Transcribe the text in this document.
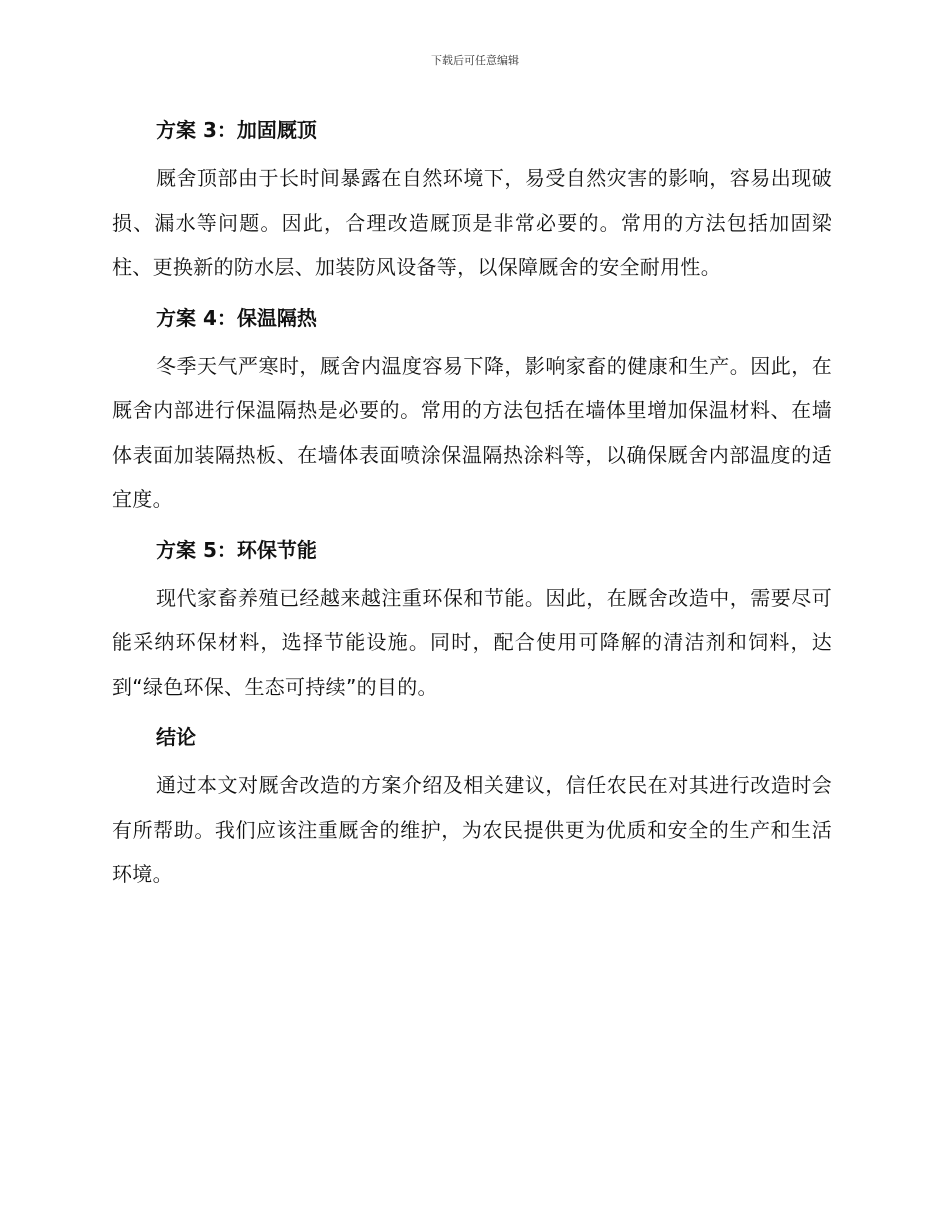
下载后可任意编辑
方案 3：加固厩顶

厩舍顶部由于长时间暴露在自然环境下，易受自然灾害的影响，容易出现破损、漏水等问题。因此，合理改造厩顶是非常必要的。常用的方法包括加固梁柱、更换新的防水层、加装防风设备等，以保障厩舍的安全耐用性。

方案 4：保温隔热

冬季天气严寒时，厩舍内温度容易下降，影响家畜的健康和生产。因此，在厩舍内部进行保温隔热是必要的。常用的方法包括在墙体里增加保温材料、在墙体表面加装隔热板、在墙体表面喷涂保温隔热涂料等，以确保厩舍内部温度的适宜度。

方案 5：环保节能

现代家畜养殖已经越来越注重环保和节能。因此，在厩舍改造中，需要尽可能采纳环保材料，选择节能设施。同时，配合使用可降解的清洁剂和饲料，达到“绿色环保、生态可持续”的目的。

结论

通过本文对厩舍改造的方案介绍及相关建议，信任农民在对其进行改造时会有所帮助。我们应该注重厩舍的维护，为农民提供更为优质和安全的生产和生活环境。
